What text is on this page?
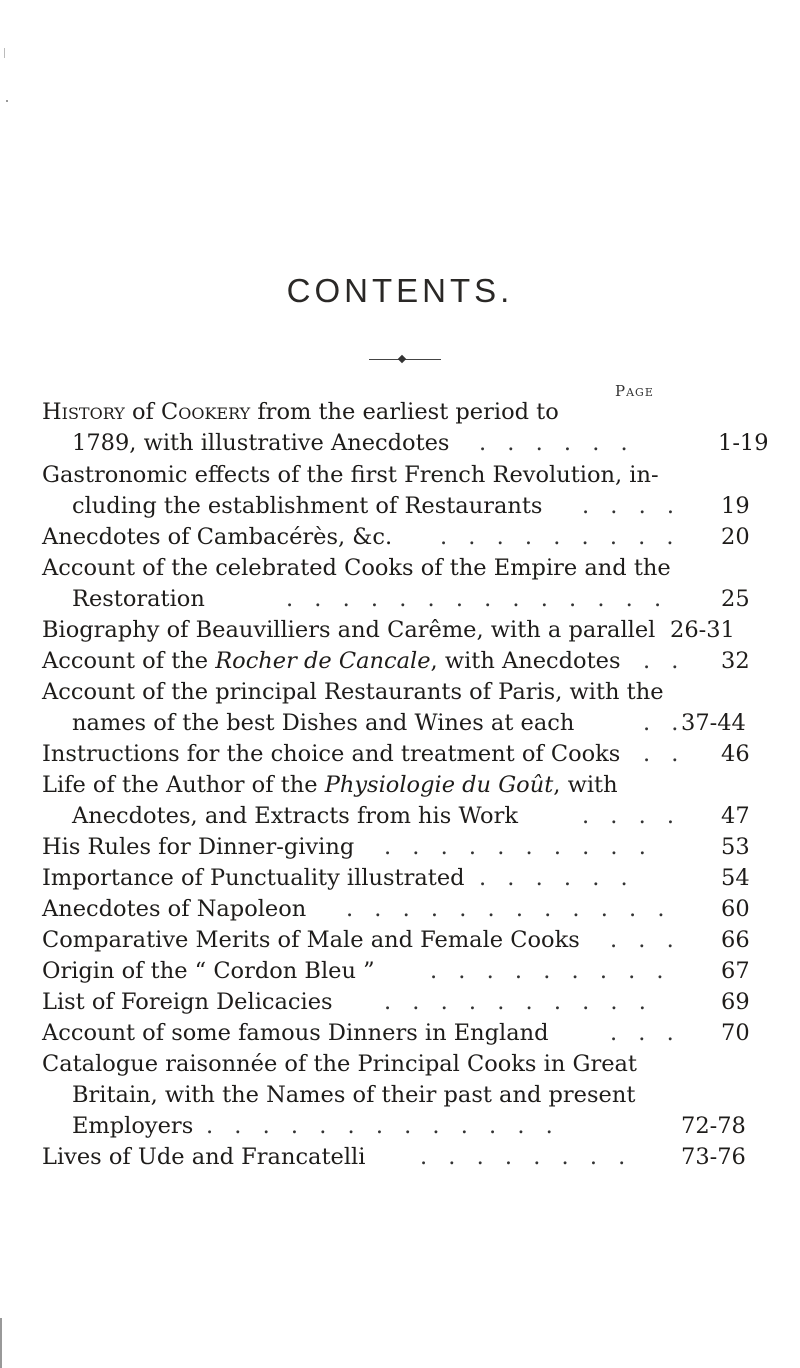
CONTENTS.
Page
History of Cookery from the earliest period to
1789, with illustrative Anecdotes . . . . . .	1-19
Gastronomic effects of the first French Revolution, in-
cluding the establishment of Restaurants . . . . 19
Anecdotes of Cambacérès, &c. . . . . . . . . . 20
Account of the celebrated Cooks of the Empire and the
Restoration	. . . . . . . . . . . . . . 25
Biography of Beauvilliers and Carême, with a parallel 26-31
Account of the Rocher de Cancale, with Anecdotes . . 32
Account of the principal Restaurants of Paris, with the
names of the best Dishes and Wines at each	. .
37-44
Instructions for the choice and treatment of Cooks . . 46
Life of the Author of the Physiologie du Goût, with
Anecdotes, and Extracts from his Work	. . . . 47
His Rules for Dinner-giving . . . . . . . . . .	53
Importance of Punctuality illustrated . . . . . .	54
Anecdotes of Napoleon . . . . . . . . . . . . 60
Comparative Merits of Male and Female Cooks . . . 66
Origin of the “ Cordon Bleu ” . . . . . . . . . 67
List of Foreign Delicacies . . . . . . . . . .	69
Account of some famous Dinners in England	. . . 70
Catalogue raisonnée of the Principal Cooks in Great
Britain, with the Names of their past and present
Employers . . . . . . . . . . . . .	72-78
Lives of Ude and Francatelli . . . . . . . . 73-76
